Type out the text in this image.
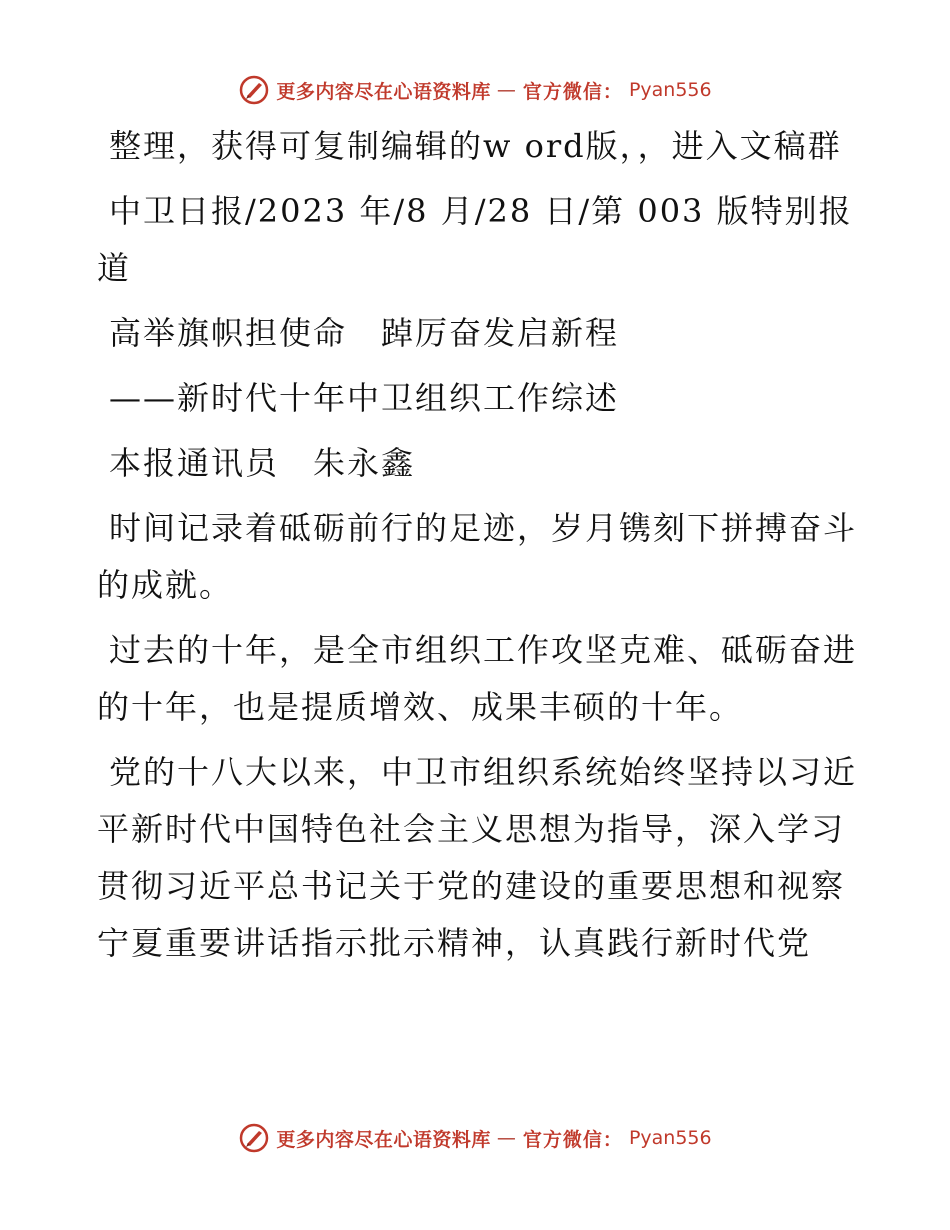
更多内容尽在心语资料库 — 官方微信： Pyan556

整理，获得可复制编辑的w ord版，，进入文稿群

中卫日报/2023 年/8 月/28 日/第 003 版特别报道

高举旗帜担使命　踔厉奋发启新程

——新时代十年中卫组织工作综述

本报通讯员　朱永鑫

时间记录着砥砺前行的足迹，岁月镌刻下拼搏奋斗的成就。

过去的十年，是全市组织工作攻坚克难、砥砺奋进的十年，也是提质增效、成果丰硕的十年。

党的十八大以来，中卫市组织系统始终坚持以习近平新时代中国特色社会主义思想为指导，深入学习贯彻习近平总书记关于党的建设的重要思想和视察宁夏重要讲话指示批示精神，认真践行新时代党

更多内容尽在心语资料库 — 官方微信： Pyan556
